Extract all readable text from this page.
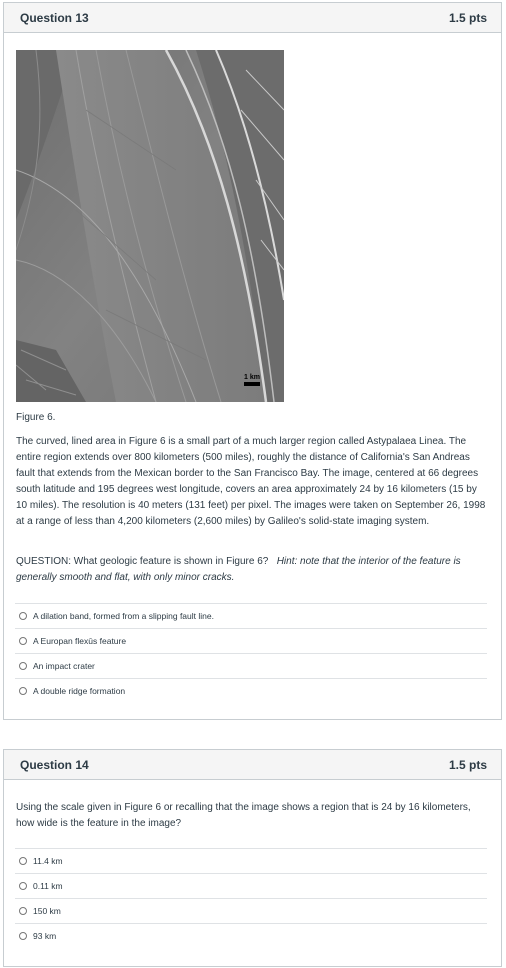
Question 13	1.5 pts
1 km
Figure 6.
The curved, lined area in Figure 6 is a small part of a much larger region called Astypalaea Linea. The entire region extends over 800 kilometers (500 miles), roughly the distance of California's San Andreas fault that extends from the Mexican border to the San Francisco Bay. The image, centered at 66 degrees south latitude and 195 degrees west longitude, covers an area approximately 24 by 16 kilometers (15 by 10 miles). The resolution is 40 meters (131 feet) per pixel. The images were taken on September 26, 1998 at a range of less than 4,200 kilometers (2,600 miles) by Galileo's solid-state imaging system.
QUESTION: What geologic feature is shown in Figure 6? Hint: note that the interior of the feature is generally smooth and flat, with only minor cracks.
A dilation band, formed from a slipping fault line.
A Europan flexūs feature
An impact crater
A double ridge formation
Question 14	1.5 pts
Using the scale given in Figure 6 or recalling that the image shows a region that is 24 by 16 kilometers, how wide is the feature in the image?
11.4 km
0.11 km
150 km
93 km
